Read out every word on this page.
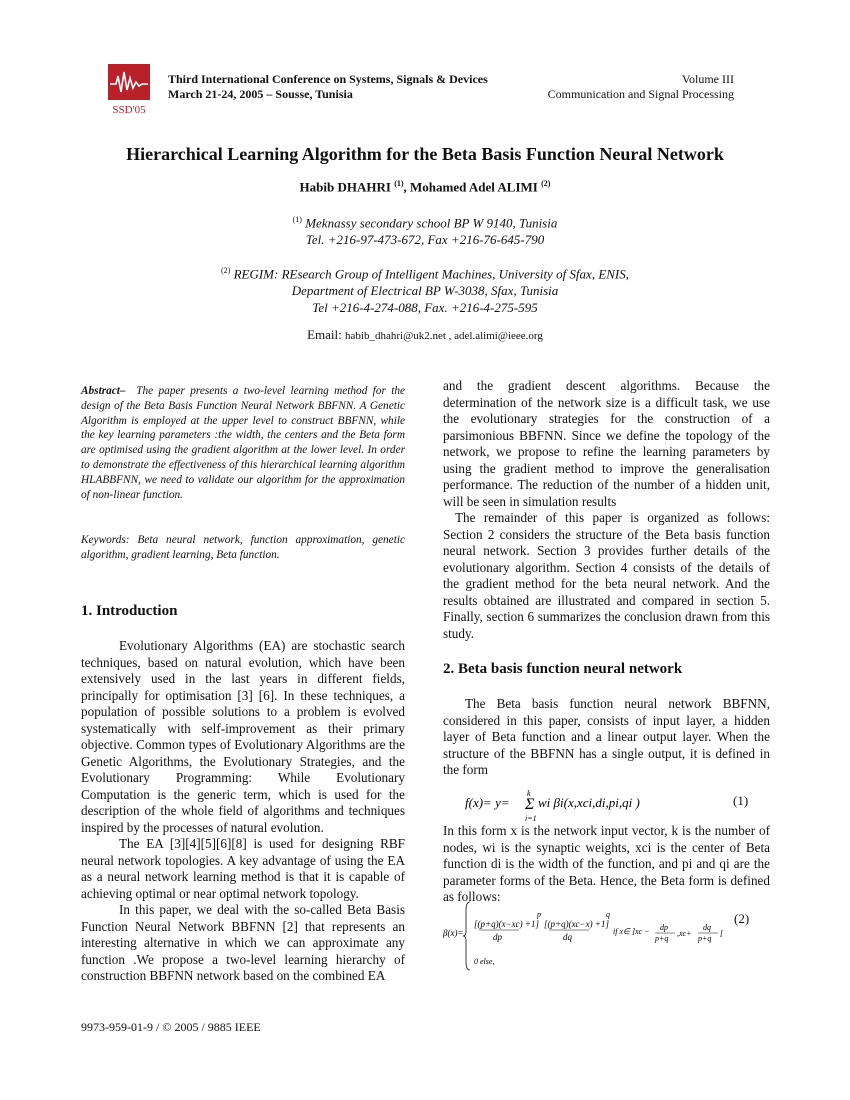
SSD'05
Third International Conference on Systems, Signals & Devices
March 21-24, 2005 – Sousse, Tunisia
Volume III
Communication and Signal Processing
Hierarchical Learning Algorithm for the Beta Basis Function Neural Network
Habib DHAHRI $^{(1)}$, Mohamed Adel ALIMI $^{(2)}$
$^{(1)}$ Meknassy secondary school BP W 9140, Tunisia
Tel. +216-97-473-672, Fax +216-76-645-790
$^{(2)}$ REGIM: REsearch Group of Intelligent Machines, University of Sfax, ENIS,
Department of Electrical BP W-3038, Sfax, Tunisia
Tel +216-4-274-088, Fax. +216-4-275-595
Email: habib_dhahri@uk2.net , adel.alimi@ieee.org

Abstract– The paper presents a two-level learning method for the design of the Beta Basis Function Neural Network BBFNN. A Genetic Algorithm is employed at the upper level to construct BBFNN, while the key learning parameters :the width, the centers and the Beta form are optimised using the gradient algorithm at the lower level. In order to demonstrate the effectiveness of this hierarchical learning algorithm HLABBFNN, we need to validate our algorithm for the approximation of non-linear function.

Keywords: Beta neural network, function approximation, genetic algorithm, gradient learning, Beta function.
1. Introduction

Evolutionary Algorithms (EA) are stochastic search techniques, based on natural evolution, which have been extensively used in the last years in different fields, principally for optimisation [3] [6]. In these techniques, a population of possible solutions to a problem is evolved systematically with self-improvement as their primary objective. Common types of Evolutionary Algorithms are the Genetic Algorithms, the Evolutionary Strategies, and the Evolutionary Programming: While Evolutionary Computation is the generic term, which is used for the description of the whole field of algorithms and techniques inspired by the processes of natural evolution.

The EA [3][4][5][6][8] is used for designing RBF neural network topologies. A key advantage of using the EA as a neural network learning method is that it is capable of achieving optimal or near optimal network topology.

In this paper, we deal with the so-called Beta Basis Function Neural Network BBFNN [2] that represents an interesting alternative in which we can approximate any function .We propose a two-level learning hierarchy of construction BBFNN network based on the combined EA

and the gradient descent algorithms. Because the determination of the network size is a difficult task, we use the evolutionary strategies for the construction of a parsimonious BBFNN. Since we define the topology of the network, we propose to refine the learning parameters by using the gradient method to improve the generalisation performance. The reduction of the number of a hidden unit, will be seen in simulation results

The remainder of this paper is organized as follows: Section 2 considers the structure of the Beta basis function neural network. Section 3 provides further details of the evolutionary algorithm. Section 4 consists of the details of the gradient method for the beta neural network. And the results obtained are illustrated and compared in section 5. Finally, section 6 summarizes the conclusion drawn from this study.

2. Beta basis function neural network

The Beta basis function neural network BBFNN, considered in this paper, consists of input layer, a hidden layer of Beta function and a linear output layer. When the structure of the BBFNN has a single output, it is defined in the form

f(x)= y= Σ
k
i=1
wi βi(x,xci,di,pi,qi )	(1)

In this form x is the network input vector, k is the number of nodes, wi is the synaptic weights, xci is the center of Beta function di is the width of the function, and pi and qi are the parameter forms of the Beta. Hence, the Beta form is defined as follows:

β(x)=
[(p+q)(x−xc) +1]
dp
p
[(p+q)(xc−x) +1]
dq
q
if x∈ ]xc − dp
p+q
,xc+
dq
p+q
[
0 else,
(2)
9973-959-01-9 / © 2005 / 9885 IEEE
